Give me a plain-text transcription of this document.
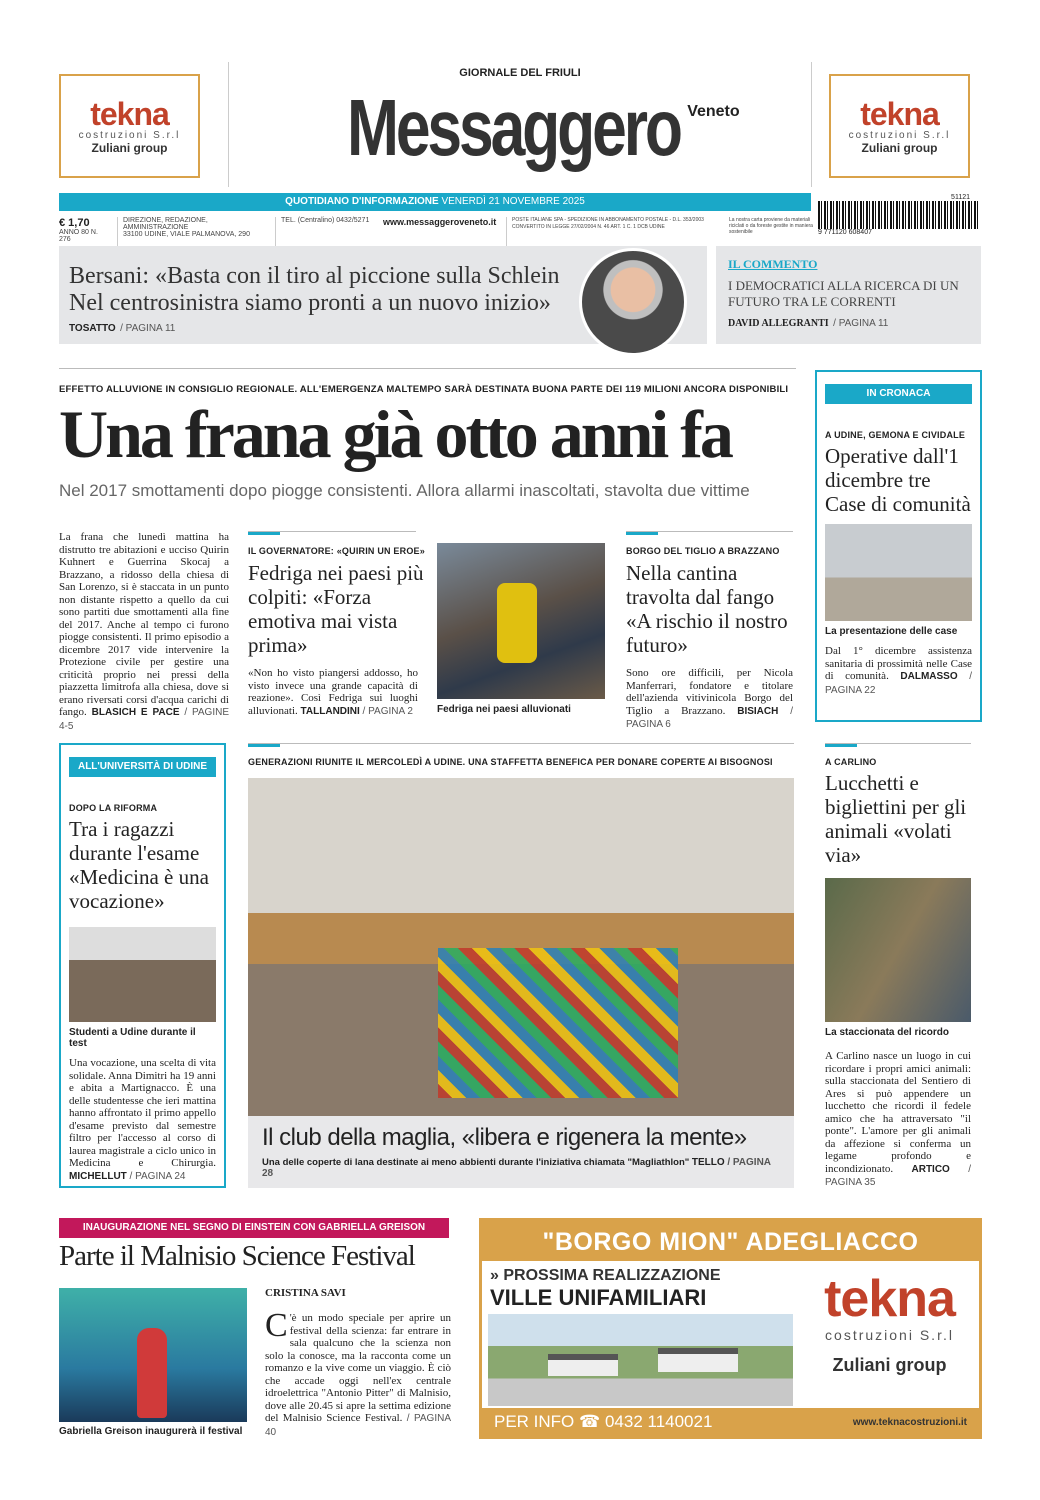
tekna
costruzioni S.r.l
Zuliani group
tekna
costruzioni S.r.l
Zuliani group
GIORNALE DEL FRIULI
Messaggero Veneto
QUOTIDIANO D'INFORMAZIONE VENERDÌ 21 NOVEMBRE 2025
€ 1,70
ANNO 80 N. 276
DIREZIONE, REDAZIONE, AMMINISTRAZIONE
33100 UDINE, VIALE PALMANOVA, 290
TEL. (Centralino) 0432/5271	www.messaggeroveneto.it	POSTE ITALIANE SPA - SPEDIZIONE IN ABBONAMENTO POSTALE - D.L. 353/2003 CONVERTITO IN LEGGE 27/02/2004 N. 46 ART. 1 C. 1 DCB UDINE
La nostra carta proviene da materiali riciclati o da foreste gestite in maniera sostenibile
51121
9 771120 608407
Bersani: «Basta con il tiro al piccione sulla Schlein Nel centrosinistra siamo pronti a un nuovo inizio»
TOSATTO / PAGINA 11
IL COMMENTO
I DEMOCRATICI ALLA RICERCA DI UN FUTURO TRA LE CORRENTI
DAVID ALLEGRANTI / PAGINA 11
EFFETTO ALLUVIONE IN CONSIGLIO REGIONALE. ALL'EMERGENZA MALTEMPO SARÀ DESTINATA BUONA PARTE DEI 119 MILIONI ANCORA DISPONIBILI
Una frana già otto anni fa
Nel 2017 smottamenti dopo piogge consistenti. Allora allarmi inascoltati, stavolta due vittime
La frana che lunedì mattina ha distrutto tre abitazioni e ucciso Quirin Kuhnert e Guerrina Skocaj a Brazzano, a ridosso della chiesa di San Lorenzo, si è staccata in un punto non distante rispetto a quello da cui sono partiti due smottamenti alla fine del 2017. Anche al tempo ci furono piogge consistenti. Il primo episodio a dicembre 2017 vide intervenire la Protezione civile per gestire una criticità proprio nei pressi della piazzetta limitrofa alla chiesa, dove si erano riversati corsi d'acqua carichi di fango. BLASICH E PACE / PAGINE 4-5
IL GOVERNATORE: «QUIRIN UN EROE»
Fedriga nei paesi più colpiti: «Forza emotiva mai vista prima»
«Non ho visto piangersi addosso, ho visto invece una grande capacità di reazione». Così Fedriga sui luoghi alluvionati. TALLANDINI / PAGINA 2	Fedriga nei paesi alluvionati
BORGO DEL TIGLIO A BRAZZANO
Nella cantina travolta dal fango «A rischio il nostro futuro»
Sono ore difficili, per Nicola Manferrari, fondatore e titolare dell'azienda vitivinicola Borgo del Tiglio a Brazzano. BISIACH / PAGINA 6
IN CRONACA
A UDINE, GEMONA E CIVIDALE
Operative dall'1 dicembre tre Case di comunità
La presentazione delle case
Dal 1° dicembre assistenza sanitaria di prossimità nelle Case di comunità. DALMASSO / PAGINA 22
ALL'UNIVERSITÀ DI UDINE
DOPO LA RIFORMA
Tra i ragazzi durante l'esame «Medicina è una vocazione»
Studenti a Udine durante il test
Una vocazione, una scelta di vita solidale. Anna Dimitri ha 19 anni e abita a Martignacco. È una delle studentesse che ieri mattina hanno affrontato il primo appello d'esame previsto dal semestre filtro per l'accesso al corso di laurea magistrale a ciclo unico in Medicina e Chirurgia. MICHELLUT / PAGINA 24
GENERAZIONI RIUNITE IL MERCOLEDÌ A UDINE. UNA STAFFETTA BENEFICA PER DONARE COPERTE AI BISOGNOSI
Il club della maglia, «libera e rigenera la mente»
Una delle coperte di lana destinate ai meno abbienti durante l'iniziativa chiamata "Magliathlon" TELLO / PAGINA 28
A CARLINO
Lucchetti e bigliettini per gli animali «volati via»
La staccionata del ricordo
A Carlino nasce un luogo in cui ricordare i propri amici animali: sulla staccionata del Sentiero di Ares si può appendere un lucchetto che ricordi il fedele amico che ha attraversato "il ponte". L'amore per gli animali da affezione si conferma un legame profondo e incondizionato. ARTICO / PAGINA 35
INAUGURAZIONE NEL SEGNO DI EINSTEIN CON GABRIELLA GREISON
Parte il Malnisio Science Festival
Gabriella Greison inaugurerà il festival
CRISTINA SAVI
C 'è un modo speciale per aprire un festival della scienza: far entrare in sala qualcuno che la scienza non solo la conosce, ma la racconta come un romanzo e la vive come un viaggio. È ciò che accade oggi nell'ex centrale idroelettrica "Antonio Pitter" di Malnisio, dove alle 20.45 si apre la settima edizione del Malnisio Science Festival. / PAGINA 40
"BORGO MION" ADEGLIACCO
» PROSSIMA REALIZZAZIONE
VILLE UNIFAMILIARI	tekna
costruzioni S.r.l
Zuliani group
PER INFO ☎ 0432 1140021	www.teknacostruzioni.it
